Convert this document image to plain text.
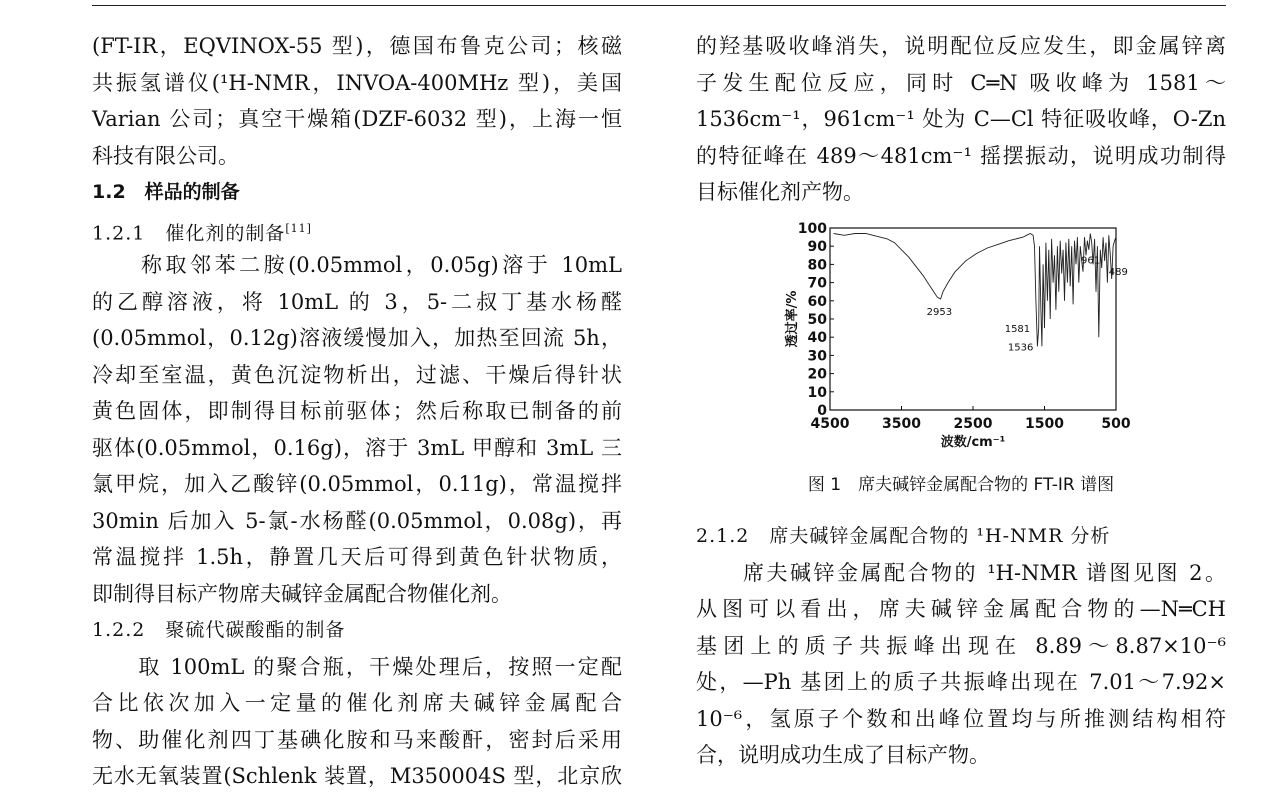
(FT-IR，EQVINOX-55 型)，德国布鲁克公司；核磁
共振氢谱仪(¹H-NMR，INVOA-400MHz 型)，美国
Varian 公司；真空干燥箱(DZF-6032 型)，上海一恒
科技有限公司。
1.2　样品的制备
1.2.1　催化剂的制备[11]
　　称取邻苯二胺(0.05mmol，0.05g)溶于 10mL
的乙醇溶液，将 10mL 的 3，5-二叔丁基水杨醛
(0.05mmol，0.12g)溶液缓慢加入，加热至回流 5h，
冷却至室温，黄色沉淀物析出，过滤、干燥后得针状
黄色固体，即制得目标前驱体；然后称取已制备的前
驱体(0.05mmol，0.16g)，溶于 3mL 甲醇和 3mL 三
氯甲烷，加入乙酸锌(0.05mmol，0.11g)，常温搅拌
30min 后加入 5-氯-水杨醛(0.05mmol，0.08g)，再
常温搅拌 1.5h，静置几天后可得到黄色针状物质，
即制得目标产物席夫碱锌金属配合物催化剂。
1.2.2　聚硫代碳酸酯的制备
　　取 100mL 的聚合瓶，干燥处理后，按照一定配
合比依次加入一定量的催化剂席夫碱锌金属配合
物、助催化剂四丁基碘化胺和马来酸酐，密封后采用
无水无氧装置(Schlenk 装置，M350004S 型，北京欣
的羟基吸收峰消失，说明配位反应发生，即金属锌离
子发生配位反应，同时 C═N 吸收峰为 1581～
1536cm⁻¹，961cm⁻¹ 处为 C—Cl 特征吸收峰，O-Zn
的特征峰在 489～481cm⁻¹ 摇摆振动，说明成功制得
目标催化剂产物。
0
10
20
30
40
50
60
70
80
90
100
4500 3500 2500 1500	500
2953
1581
1536
961
489
波数/cm⁻¹
透过率/%
图 1　席夫碱锌金属配合物的 FT-IR 谱图
2.1.2　席夫碱锌金属配合物的 ¹H-NMR 分析
　　席夫碱锌金属配合物的 ¹H-NMR 谱图见图 2。
从图可以看出，席夫碱锌金属配合物的—N═CH
基团上的质子共振峰出现在 8.89～8.87×10⁻⁶
处，—Ph 基团上的质子共振峰出现在 7.01～7.92×
10⁻⁶，氢原子个数和出峰位置均与所推测结构相符
合，说明成功生成了目标产物。
